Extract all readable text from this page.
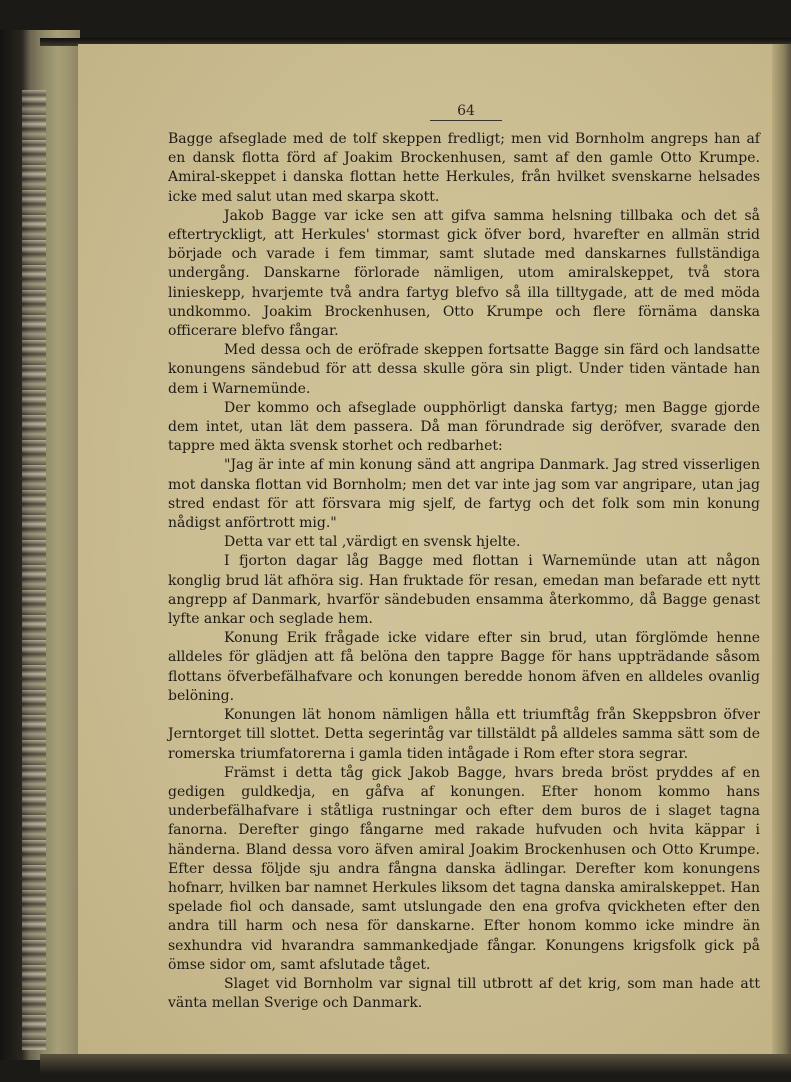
64

Bagge afseglade med de tolf skeppen fredligt; men vid Bornholm angreps han af en dansk flotta förd af Joakim Brockenhusen, samt af den gamle Otto Krumpe. Amiral-skeppet i danska flottan hette Herkules, från hvilket svenskarne helsades icke med salut utan med skarpa skott.

Jakob Bagge var icke sen att gifva samma helsning tillbaka och det så eftertryckligt, att Herkules' stormast gick öfver bord, hvarefter en allmän strid började och varade i fem timmar, samt slutade med danskarnes fullständiga undergång. Danskarne förlorade nämligen, utom amiralskeppet, två stora linieskepp, hvarjemte två andra fartyg blefvo så illa tilltygade, att de med möda undkommo. Joakim Brockenhusen, Otto Krumpe och flere förnäma danska officerare blefvo fångar.

Med dessa och de eröfrade skeppen fortsatte Bagge sin färd och landsatte konungens sändebud för att dessa skulle göra sin pligt. Under tiden väntade han dem i Warnemünde.

Der kommo och afseglade oupphörligt danska fartyg; men Bagge gjorde dem intet, utan lät dem passera. Då man förundrade sig deröfver, svarade den tappre med äkta svensk storhet och redbarhet:

"Jag är inte af min konung sänd att angripa Danmark. Jag stred visserligen mot danska flottan vid Bornholm; men det var inte jag som var angripare, utan jag stred endast för att försvara mig sjelf, de fartyg och det folk som min konung nådigst anförtrott mig."

Detta var ett tal ,värdigt en svensk hjelte.

I fjorton dagar låg Bagge med flottan i Warnemünde utan att någon konglig brud lät afhöra sig. Han fruktade för resan, emedan man befarade ett nytt angrepp af Danmark, hvarför sändebuden ensamma återkommo, då Bagge genast lyfte ankar och seglade hem.

Konung Erik frågade icke vidare efter sin brud, utan förglömde henne alldeles för glädjen att få belöna den tappre Bagge för hans uppträdande såsom flottans öfverbefälhafvare och konungen beredde honom äfven en alldeles ovanlig belöning.

Konungen lät honom nämligen hålla ett triumftåg från Skeppsbron öfver Jerntorget till slottet. Detta segerintåg var tillstäldt på alldeles samma sätt som de romerska triumfatorerna i gamla tiden intågade i Rom efter stora segrar.

Främst i detta tåg gick Jakob Bagge, hvars breda bröst pryddes af en gedigen guldkedja, en gåfva af konungen. Efter honom kommo hans underbefälhafvare i ståtliga rustningar och efter dem buros de i slaget tagna fanorna. Derefter gingo fångarne med rakade hufvuden och hvita käppar i händerna. Bland dessa voro äfven amiral Joakim Brockenhusen och Otto Krumpe. Efter dessa följde sju andra fångna danska ädlingar. Derefter kom konungens hofnarr, hvilken bar namnet Herkules liksom det tagna danska amiralskeppet. Han spelade fiol och dansade, samt utslungade den ena grofva qvickheten efter den andra till harm och nesa för danskarne. Efter honom kommo icke mindre än sexhundra vid hvarandra sammankedjade fångar. Konungens krigsfolk gick på ömse sidor om, samt afslutade tåget.

Slaget vid Bornholm var signal till utbrott af det krig, som man hade att vänta mellan Sverige och Danmark.
